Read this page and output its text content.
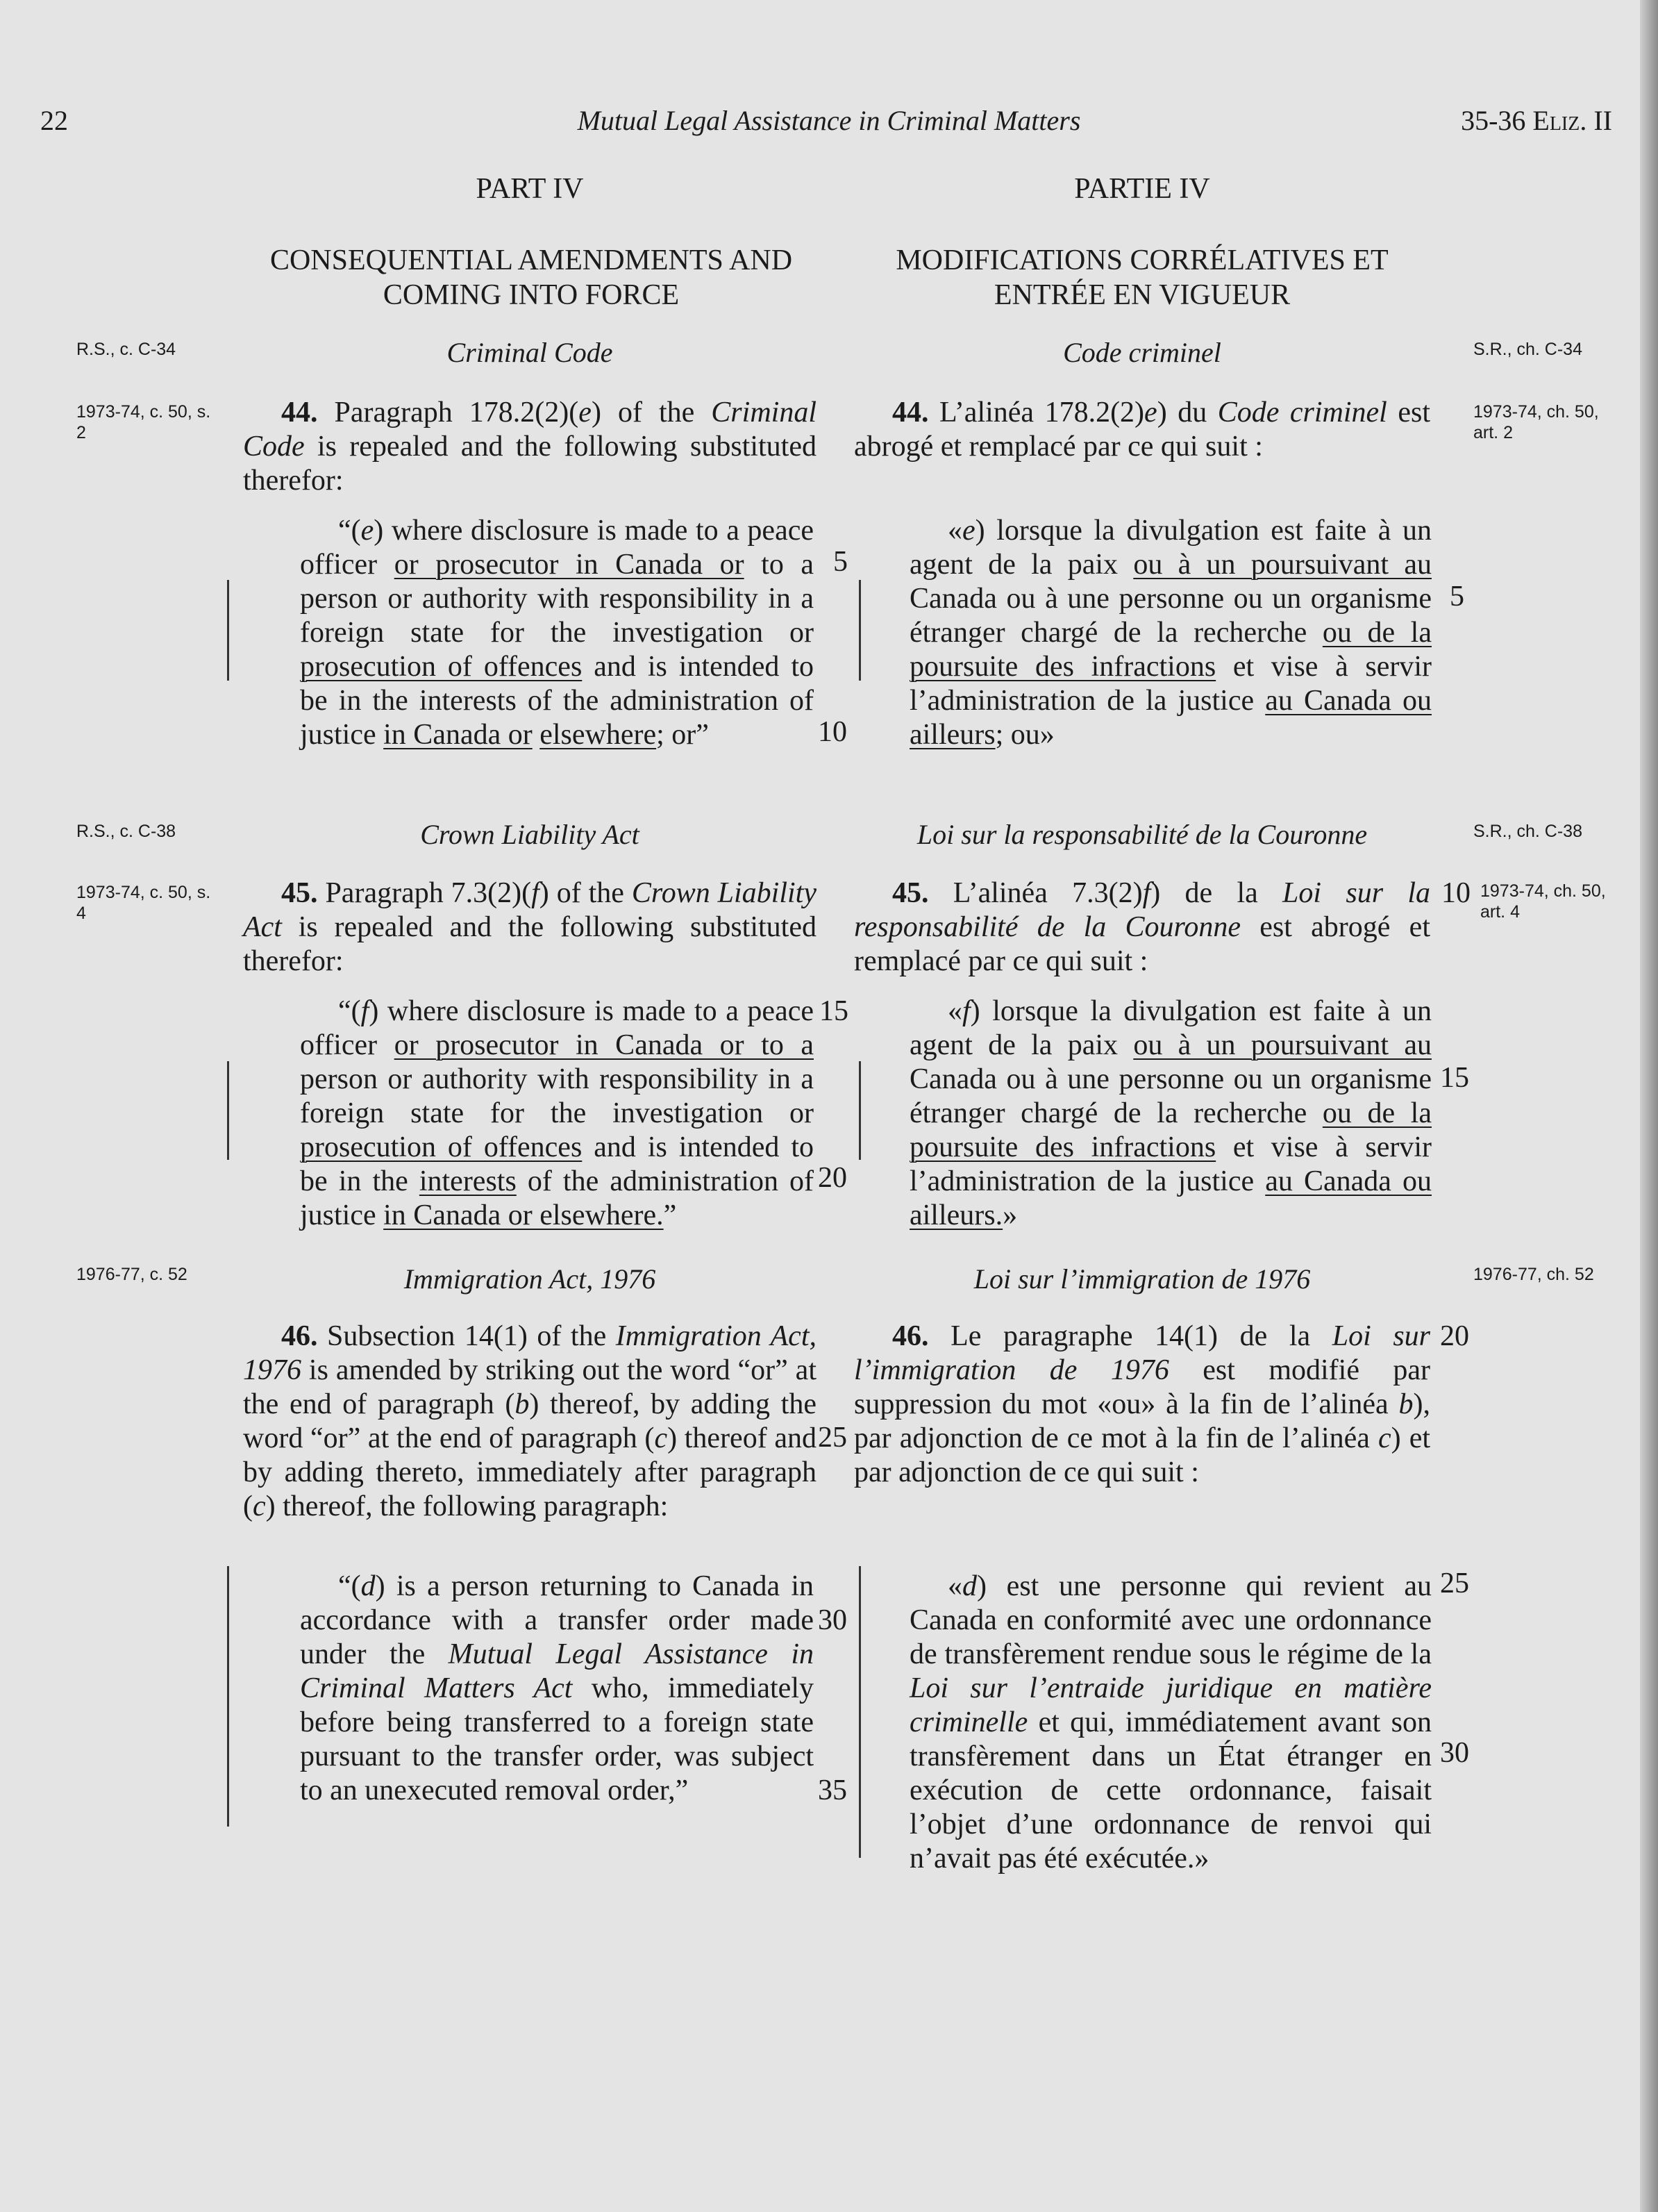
22	Mutual Legal Assistance in Criminal Matters	35-36 Eliz. II
PART IV	PARTIE IV
CONSEQUENTIAL AMENDMENTS AND COMING INTO FORCE
MODIFICATIONS CORRÉLATIVES ET ENTRÉE EN VIGUEUR
R.S., c. C-34	Criminal Code	Code criminel	S.R., ch. C-34
1973-74, c. 50, s. 2
1973-74, ch. 50, art. 2

44. Paragraph 178.2(2)(e) of the Criminal Code is repealed and the following substituted therefor:

44. L’alinéa 178.2(2)e) du Code criminel est abrogé et remplacé par ce qui suit :

“(e) where disclosure is made to a peace officer or prosecutor in Canada or to a person or authority with responsibility in a foreign state for the investigation or prosecution of offences and is intended to be in the interests of the administration of justice in Canada or elsewhere; or”

5
10

«e) lorsque la divulgation est faite à un agent de la paix ou à un poursuivant au Canada ou à une personne ou un organisme étranger chargé de la recherche ou de la poursuite des infractions et vise à servir l’administration de la justice au Canada ou ailleurs; ou»

5
R.S., c. C-38	Crown Liability Act	Loi sur la responsabilité de la Couronne	S.R., ch. C-38
1973-74, c. 50, s. 4
1973-74, ch. 50, art. 4

45. Paragraph 7.3(2)(f) of the Crown Liability Act is repealed and the following substituted therefor:

45. L’alinéa 7.3(2)f) de la Loi sur la responsabilité de la Couronne est abrogé et remplacé par ce qui suit :

10

“(f) where disclosure is made to a peace officer or prosecutor in Canada or to a person or authority with responsibility in a foreign state for the investigation or prosecution of offences and is intended to be in the interests of the administration of justice in Canada or elsewhere.”

15
20

«f) lorsque la divulgation est faite à un agent de la paix ou à un poursuivant au Canada ou à une personne ou un organisme étranger chargé de la recherche ou de la poursuite des infractions et vise à servir l’administration de la justice au Canada ou ailleurs.»

15
1976-77, c. 52	Immigration Act, 1976	Loi sur l’immigration de 1976	1976-77, ch. 52

46. Subsection 14(1) of the Immigration Act, 1976 is amended by striking out the word “or” at the end of paragraph (b) thereof, by adding the word “or” at the end of paragraph (c) thereof and by adding thereto, immediately after paragraph (c) thereof, the following paragraph:

25

46. Le paragraphe 14(1) de la Loi sur l’immigration de 1976 est modifié par suppression du mot «ou» à la fin de l’alinéa b), par adjonction de ce mot à la fin de l’alinéa c) et par adjonction de ce qui suit :

20

“(d) is a person returning to Canada in accordance with a transfer order made under the Mutual Legal Assistance in Criminal Matters Act who, immediately before being transferred to a foreign state pursuant to the transfer order, was subject to an unexecuted removal order,”

30
35

«d) est une personne qui revient au Canada en conformité avec une ordonnance de transfèrement rendue sous le régime de la Loi sur l’entraide juridique en matière criminelle et qui, immédiatement avant son transfèrement dans un État étranger en exécution de cette ordonnance, faisait l’objet d’une ordonnance de renvoi qui n’avait pas été exécutée.»

25
30
